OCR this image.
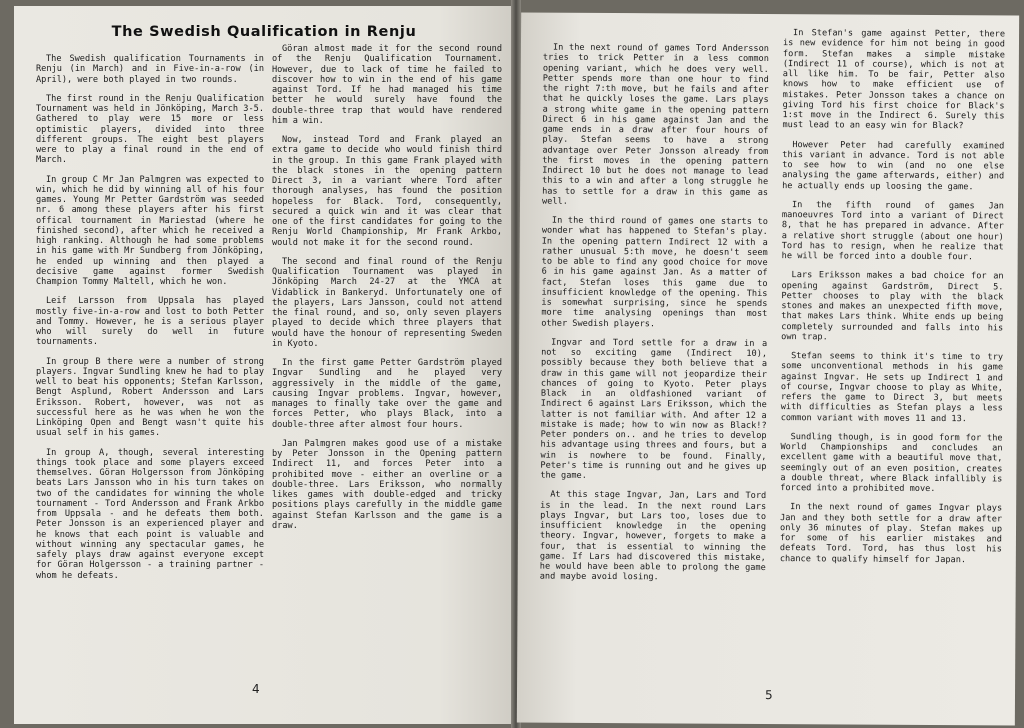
The Swedish Qualification in Renju

The Swedish qualification Tournaments in Renju (in March) and in Five-in-a-row (in April), were both played in two rounds.

The first round in the Renju Qualification Tournament was held in Jönköping, March 3-5. Gathered to play were 15 more or less optimistic players, divided into three different groups. The eight best players were to play a final round in the end of March.

In group C Mr Jan Palmgren was expected to win, which he did by winning all of his four games. Young Mr Petter Gardström was seeded nr. 6 among these players after his first offical tournament in Mariestad (where he finished second), after which he received a high ranking. Although he had some problems in his game with Mr Sundberg from Jönköping, he ended up winning and then played a decisive game against former Swedish Champion Tommy Maltell, which he won.

Leif Larsson from Uppsala has played mostly five-in-a-row and lost to both Petter and Tommy. However, he is a serious player who will surely do well in future tournaments.

In group B there were a number of strong players. Ingvar Sundling knew he had to play well to beat his opponents; Stefan Karlsson, Bengt Asplund, Robert Andersson and Lars Eriksson. Robert, however, was not as successful here as he was when he won the Linköping Open and Bengt wasn't quite his usual self in his games.

In group A, though, several interesting things took place and some players exceed themselves. Göran Holgersson from Jönköping beats Lars Jansson who in his turn takes on two of the candidates for winning the whole tournament - Tord Andersson and Frank Arkbo from Uppsala - and he defeats them both. Peter Jonsson is an experienced player and he knows that each point is valuable and without winning any spectacular games, he safely plays draw against everyone except for Göran Holgersson - a training partner - whom he defeats.

Göran almost made it for the second round of the Renju Qualification Tournament. However, due to lack of time he failed to discover how to win in the end of his game against Tord. If he had managed his time better he would surely have found the double-three trap that would have rendered him a win.

Now, instead Tord and Frank played an extra game to decide who would finish third in the group. In this game Frank played with the black stones in the opening pattern Direct 3, in a variant where Tord after thorough analyses, has found the position hopeless for Black. Tord, consequently, secured a quick win and it was clear that one of the first candidates for going to the Renju World Championship, Mr Frank Arkbo, would not make it for the second round.

The second and final round of the Renju Qualification Tournament was played in Jönköping March 24-27 at the YMCA at Vidablick in Bankeryd. Unfortunately one of the players, Lars Jansson, could not attend the final round, and so, only seven players played to decide which three players that would have the honour of representing Sweden in Kyoto.

In the first game Petter Gardström played Ingvar Sundling and he played very aggressively in the middle of the game, causing Ingvar problems. Ingvar, however, manages to finally take over the game and forces Petter, who plays Black, into a double-three after almost four hours.

Jan Palmgren makes good use of a mistake by Peter Jonsson in the Opening pattern Indirect 11, and forces Peter into a prohibited move - either an overline or a double-three. Lars Eriksson, who normally likes games with double-edged and tricky positions plays carefully in the middle game against Stefan Karlsson and the game is a draw.

4

In the next round of games Tord Andersson tries to trick Petter in a less common opening variant, which he does very well. Petter spends more than one hour to find the right 7:th move, but he fails and after that he quickly loses the game. Lars plays a strong white game in the opening pattern Direct 6 in his game against Jan and the game ends in a draw after four hours of play. Stefan seems to have a strong advantage over Peter Jonsson already from the first moves in the opening pattern Indirect 10 but he does not manage to lead this to a win and after a long struggle he has to settle for a draw in this game as well.

In the third round of games one starts to wonder what has happened to Stefan's play. In the opening pattern Indirect 12 with a rather unusual 5:th move, he doesn't seem to be able to find any good choice for move 6 in his game against Jan. As a matter of fact, Stefan loses this game due to insufficient knowledge of the opening. This is somewhat surprising, since he spends more time analysing openings than most other Swedish players.

Ingvar and Tord settle for a draw in a not so exciting game (Indirect 10), possibly because they both believe that a draw in this game will not jeopardize their chances of going to Kyoto. Peter plays Black in an oldfashioned variant of Indirect 6 against Lars Eriksson, which the latter is not familiar with. And after 12 a mistake is made; how to win now as Black!? Peter ponders on.. and he tries to develop his advantage using threes and fours, but a win is nowhere to be found. Finally, Peter's time is running out and he gives up the game.

At this stage Ingvar, Jan, Lars and Tord is in the lead. In the next round Lars plays Ingvar, but Lars too, loses due to insufficient knowledge in the opening theory. Ingvar, however, forgets to make a four, that is essential to winning the game. If Lars had discovered this mistake, he would have been able to prolong the game and maybe avoid losing.

In Stefan's game against Petter, there is new evidence for him not being in good form. Stefan makes a simple mistake (Indirect 11 of course), which is not at all like him. To be fair, Petter also knows how to make efficient use of mistakes. Peter Jonsson takes a chance on giving Tord his first choice for Black's 1:st move in the Indirect 6. Surely this must lead to an easy win for Black?

However Peter had carefully examined this variant in advance. Tord is not able to see how to win (and no one else analysing the game afterwards, either) and he actually ends up loosing the game.

In the fifth round of games Jan manoeuvres Tord into a variant of Direct 8, that he has prepared in advance. After a relative short struggle (about one hour) Tord has to resign, when he realize that he will be forced into a double four.

Lars Eriksson makes a bad choice for an opening against Gardström, Direct 5. Petter chooses to play with the black stones and makes an unexpected fifth move, that makes Lars think. White ends up being completely surrounded and falls into his own trap.

Stefan seems to think it's time to try some unconventional methods in his game against Ingvar. He sets up Indirect 1 and of course, Ingvar choose to play as White, refers the game to Direct 3, but meets with difficulties as Stefan plays a less common variant with moves 11 and 13.

Sundling though, is in good form for the World Championships and concludes an excellent game with a beautiful move that, seemingly out of an even position, creates a double threat, where Black infallibly is forced into a prohibited move.

In the next round of games Ingvar plays Jan and they both settle for a draw after only 36 minutes of play. Stefan makes up for some of his earlier mistakes and defeats Tord. Tord, has thus lost his chance to qualify himself for Japan.

5
